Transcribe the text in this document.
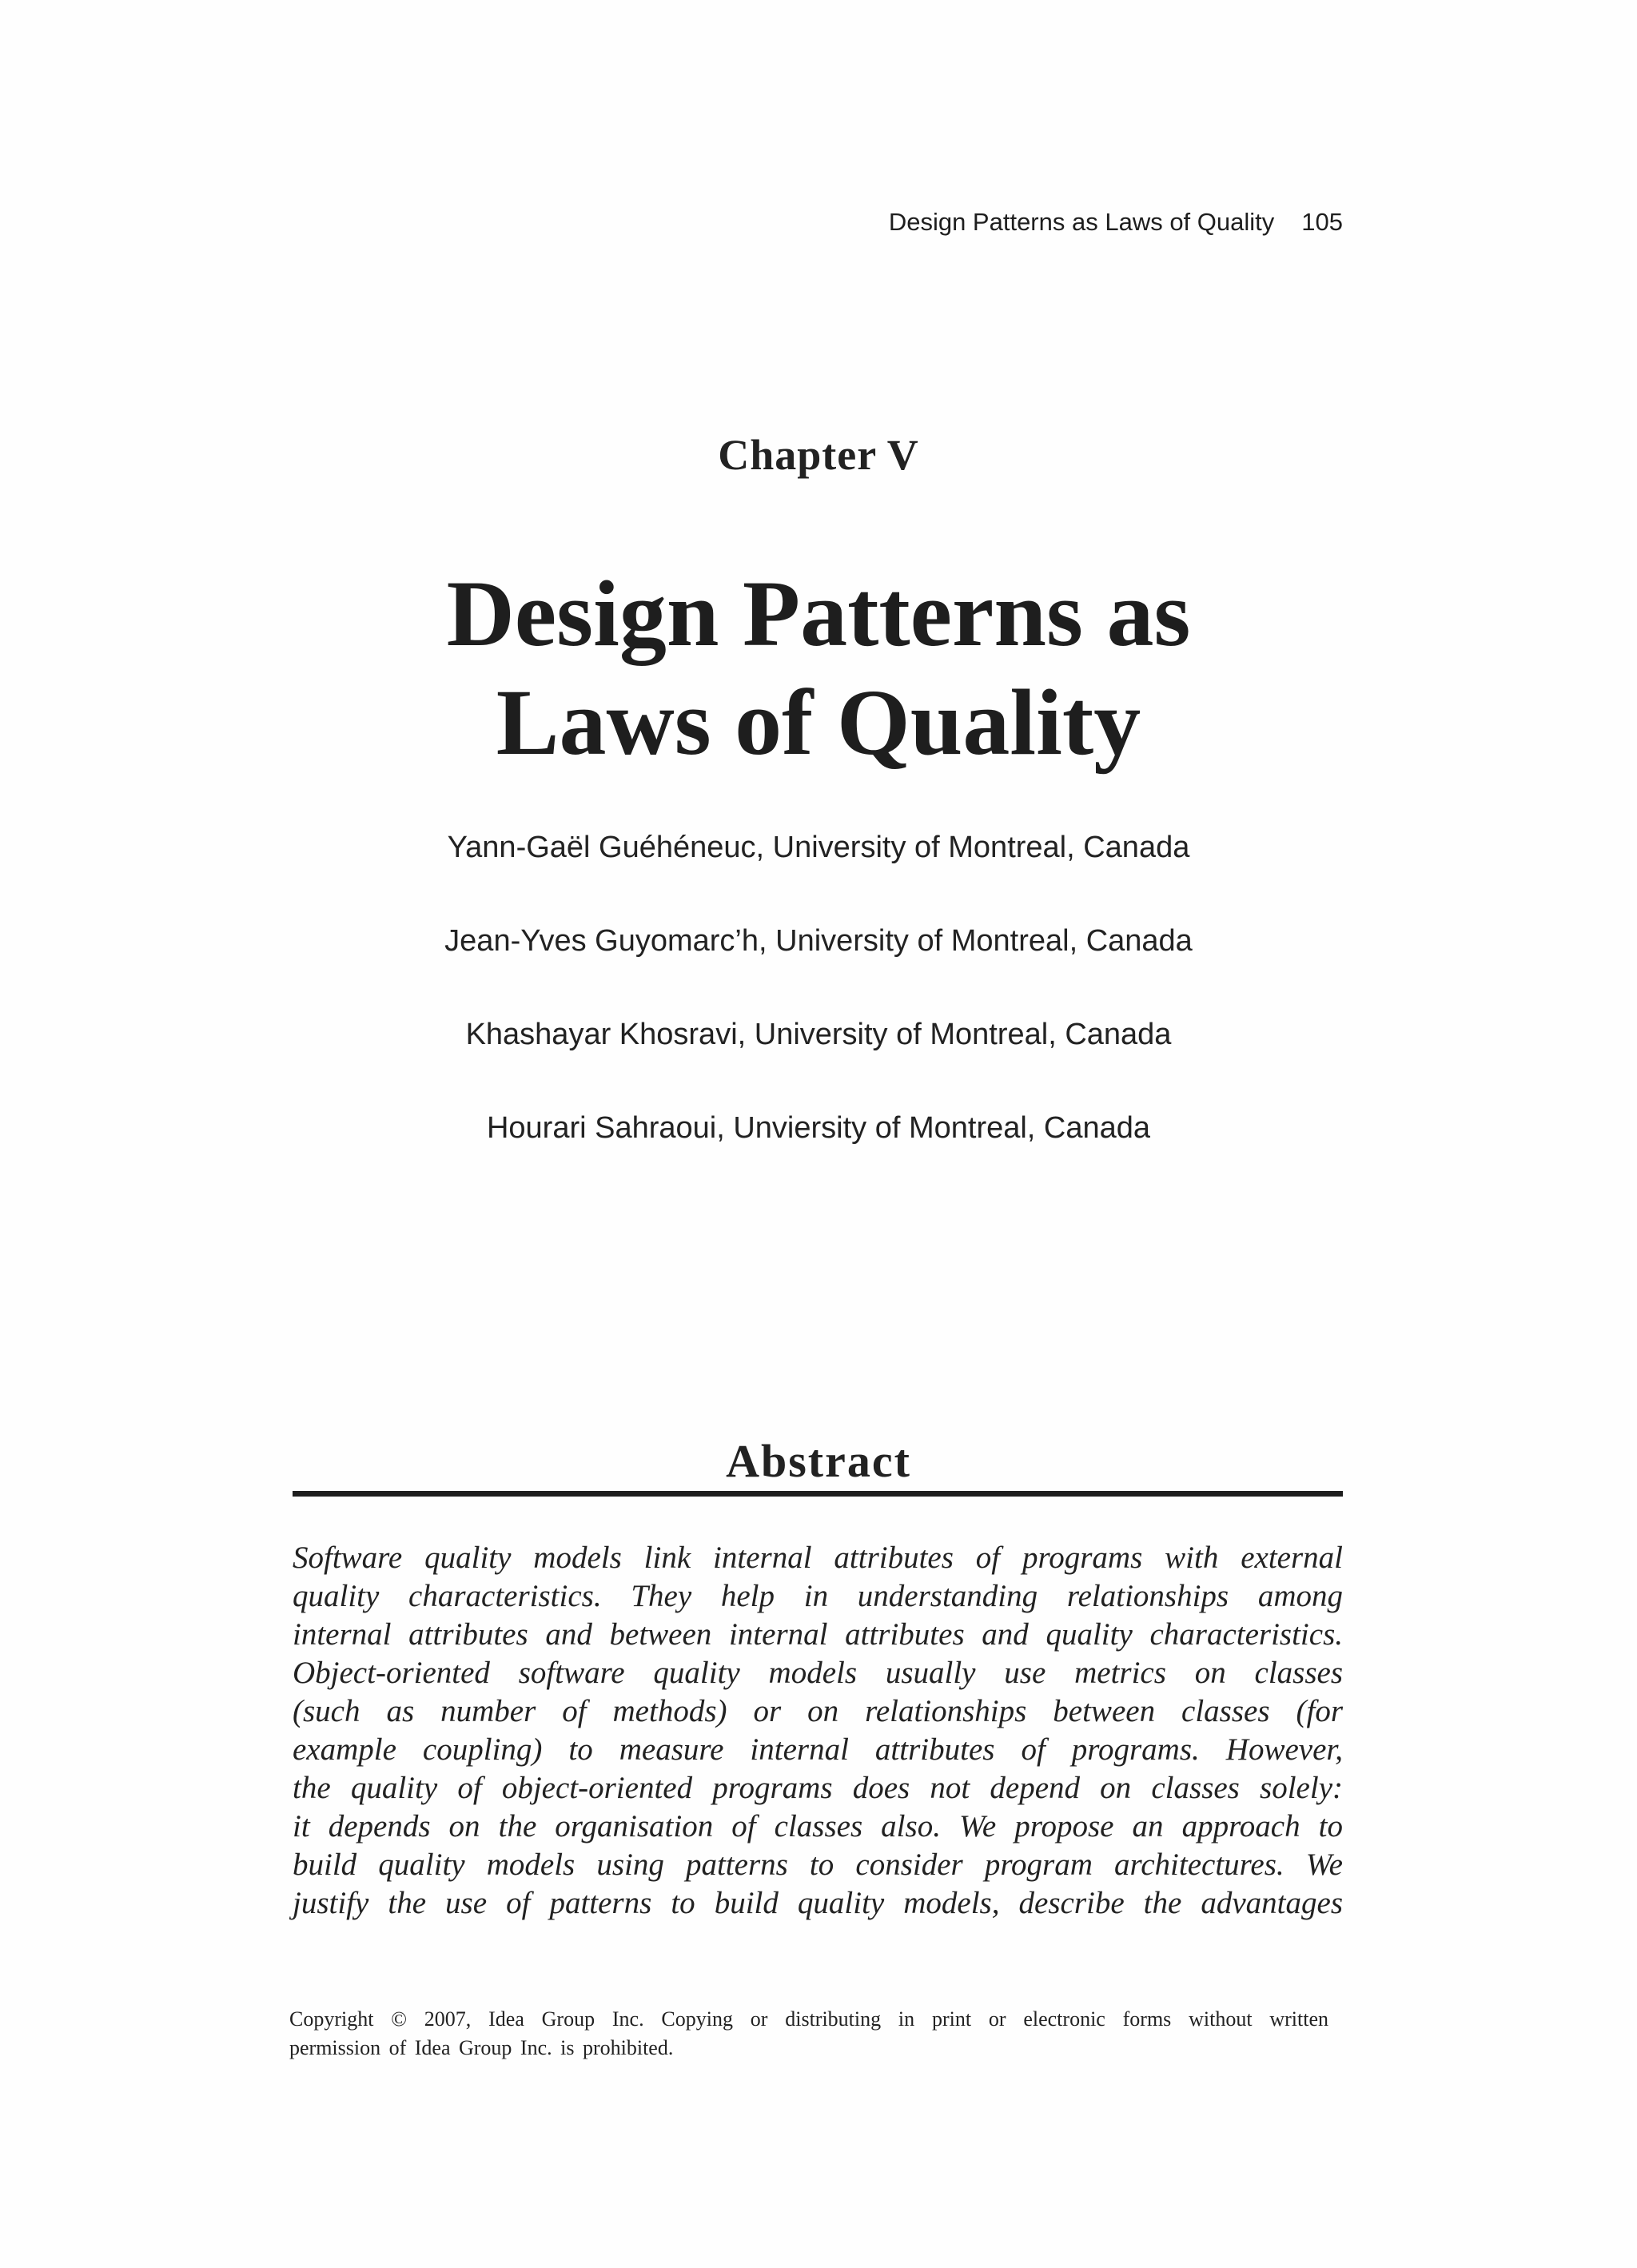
Design Patterns as Laws of Quality 105
Chapter V
Design Patterns as
Laws of Quality
Yann-Gaël Guéhéneuc, University of Montreal, Canada
Jean-Yves Guyomarc’h, University of Montreal, Canada
Khashayar Khosravi, University of Montreal, Canada
Hourari Sahraoui, Unviersity of Montreal, Canada
Abstract
Software quality models link internal attributes of programs with external
quality characteristics. They help in understanding relationships among
internal attributes and between internal attributes and quality characteristics.
Object-oriented software quality models usually use metrics on classes
(such as number of methods) or on relationships between classes (for
example coupling) to measure internal attributes of programs. However,
the quality of object-oriented programs does not depend on classes solely:
it depends on the organisation of classes also. We propose an approach to
build quality models using patterns to consider program architectures. We
justify the use of patterns to build quality models, describe the advantages
Copyright © 2007, Idea Group Inc. Copying or distributing in print or electronic forms without written
permission of Idea Group Inc. is prohibited.
